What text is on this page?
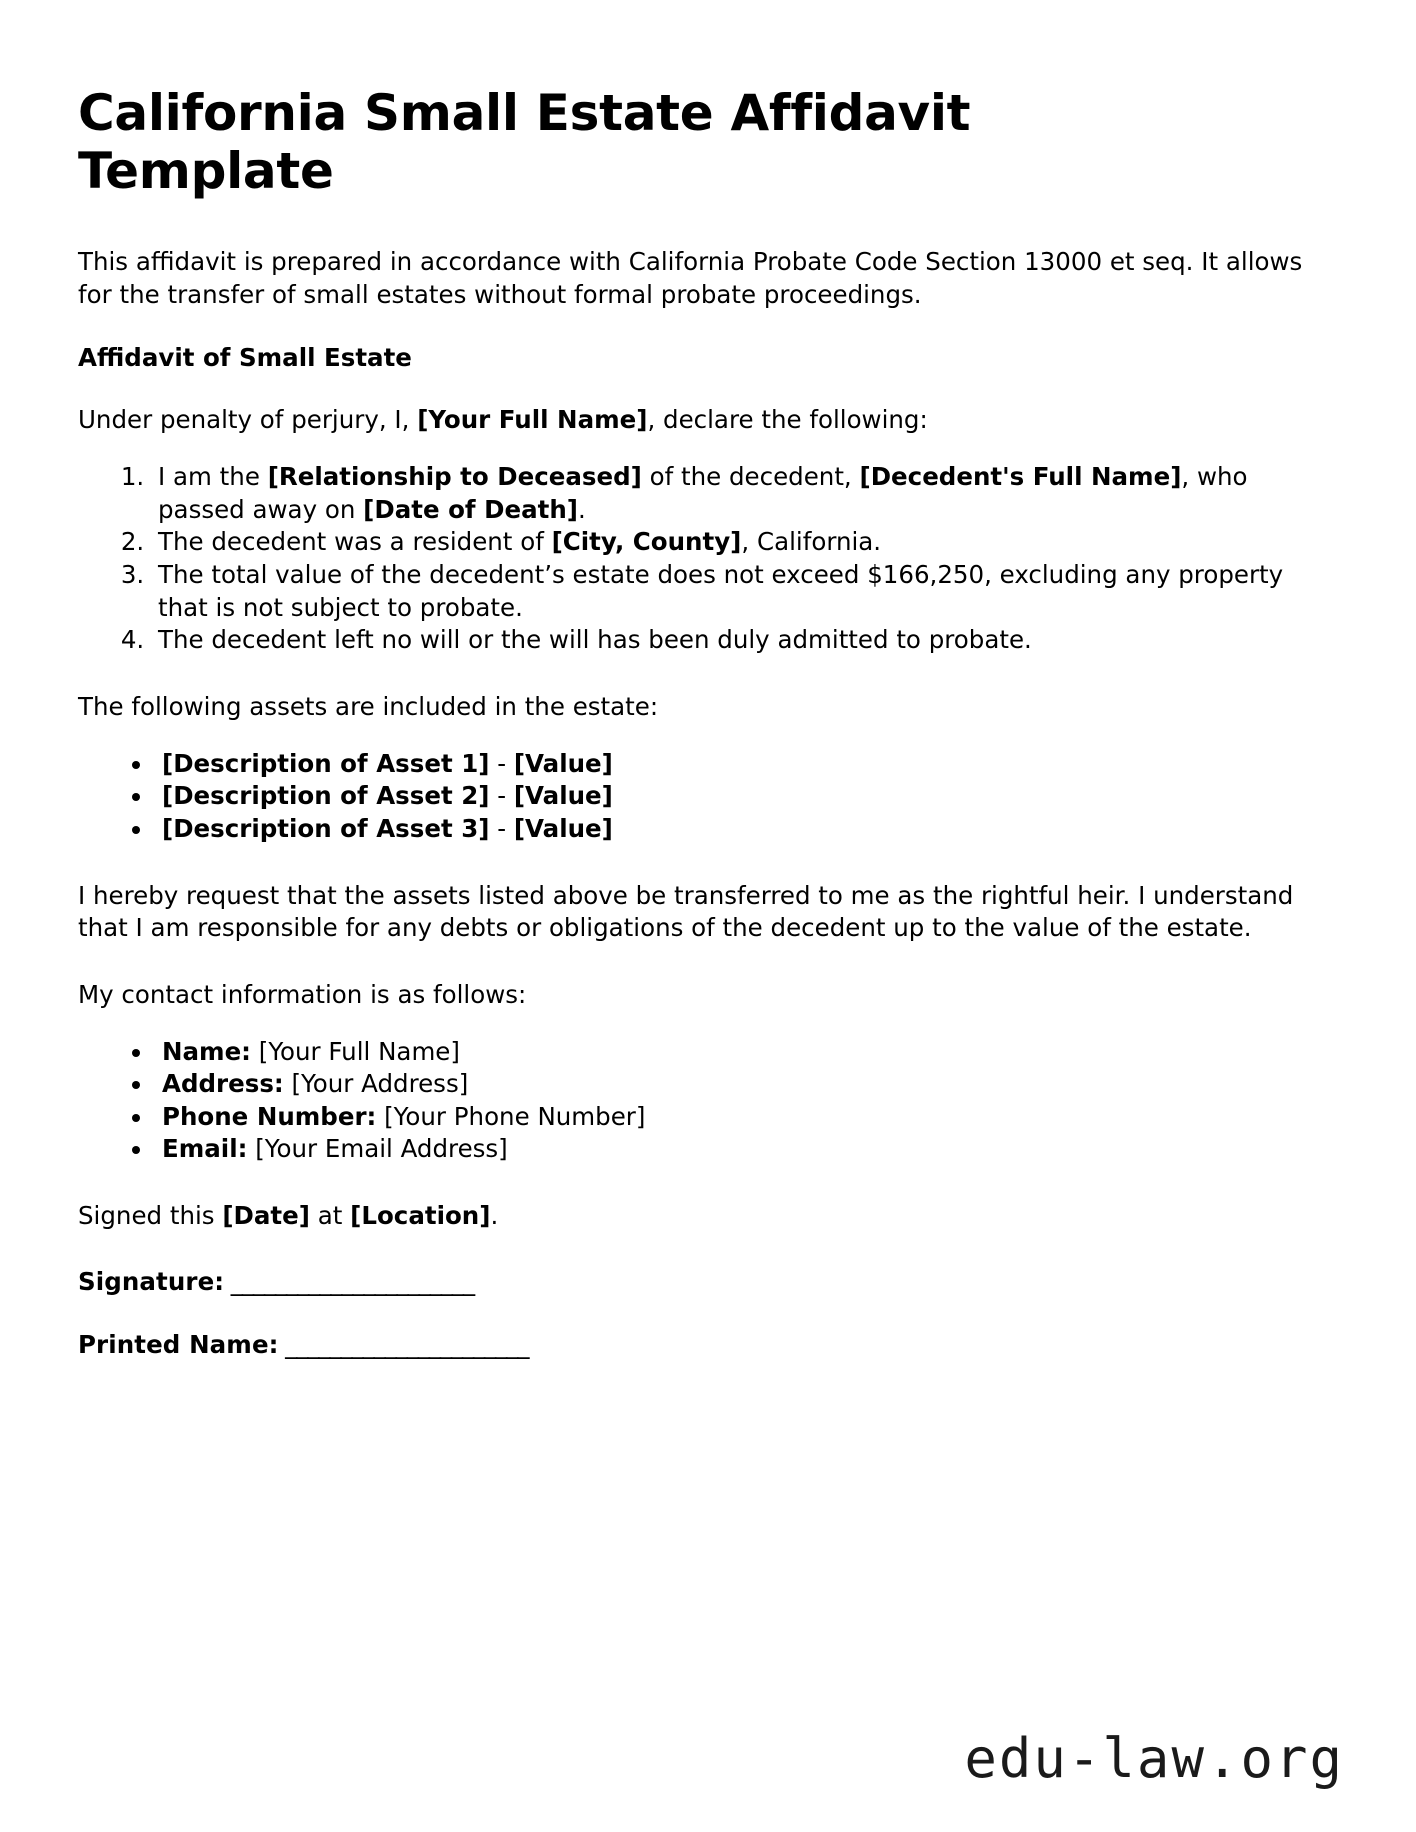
California Small Estate Affidavit Template

This affidavit is prepared in accordance with California Probate Code Section 13000 et seq. It allows for the transfer of small estates without formal probate proceedings.

Affidavit of Small Estate

Under penalty of perjury, I, [Your Full Name], declare the following:

1. I am the [Relationship to Deceased] of the decedent, [Decedent's Full Name], who passed away on [Date of Death].
2. The decedent was a resident of [City, County], California.
3. The total value of the decedent’s estate does not exceed $166,250, excluding any property that is not subject to probate.
4. The decedent left no will or the will has been duly admitted to probate.

The following assets are included in the estate:

• [Description of Asset 1] - [Value]
• [Description of Asset 2] - [Value]
• [Description of Asset 3] - [Value]

I hereby request that the assets listed above be transferred to me as the rightful heir. I understand that I am responsible for any debts or obligations of the decedent up to the value of the estate.

My contact information is as follows:

• Name: [Your Full Name]
• Address: [Your Address]
• Phone Number: [Your Phone Number]
• Email: [Your Email Address]

Signed this [Date] at [Location].

Signature: ______________________

Printed Name: ______________________

edu-law.org
